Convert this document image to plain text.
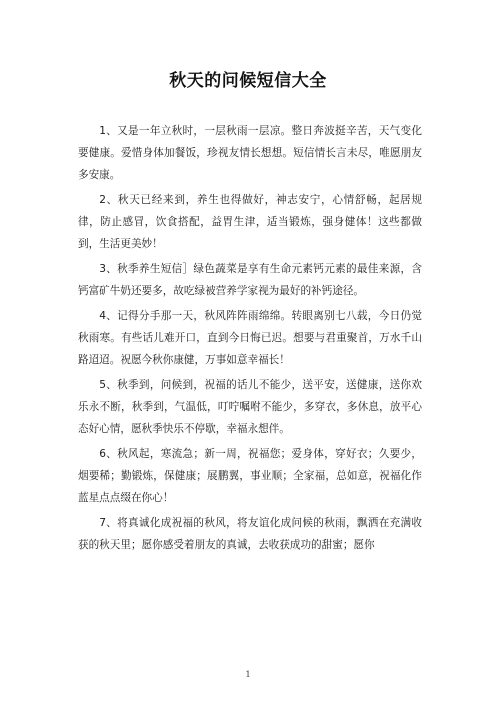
秋天的问候短信大全

1、又是一年立秋时，一层秋雨一层凉。整日奔波挺辛苦，天气变化要健康。爱惜身体加餐饭，珍视友情长想想。短信情长言未尽，唯愿朋友多安康。

2、秋天已经来到，养生也得做好，神志安宁，心情舒畅，起居规律，防止感冒，饮食搭配，益胃生津，适当锻炼，强身健体！这些都做到，生活更美妙！

3、秋季养生短信］绿色蔬菜是享有生命元素钙元素的最佳来源，含钙富矿牛奶还要多，故吃绿被营养学家视为最好的补钙途径。

4、记得分手那一天，秋风阵阵雨绵绵。转眼离别七八载，今日仍觉秋雨寒。有些话儿难开口，直到今日悔已迟。想要与君重聚首，万水千山路迢迢。祝愿今秋你康健，万事如意幸福长！

5、秋季到，问候到，祝福的话儿不能少，送平安，送健康，送你欢乐永不断，秋季到，气温低，叮咛嘱咐不能少，多穿衣，多休息，放平心态好心情，愿秋季快乐不停歇，幸福永想伴。

6、秋风起，寒流急；新一周，祝福您；爱身体，穿好衣；久要少，烟要稀；勤锻炼，保健康；展鹏翼，事业顺；全家福，总如意，祝福化作蓝星点点缀在你心！

7、将真诚化成祝福的秋风，将友谊化成问候的秋雨，飘洒在充满收获的秋天里；愿你感受着朋友的真诚，去收获成功的甜蜜；愿你

1
